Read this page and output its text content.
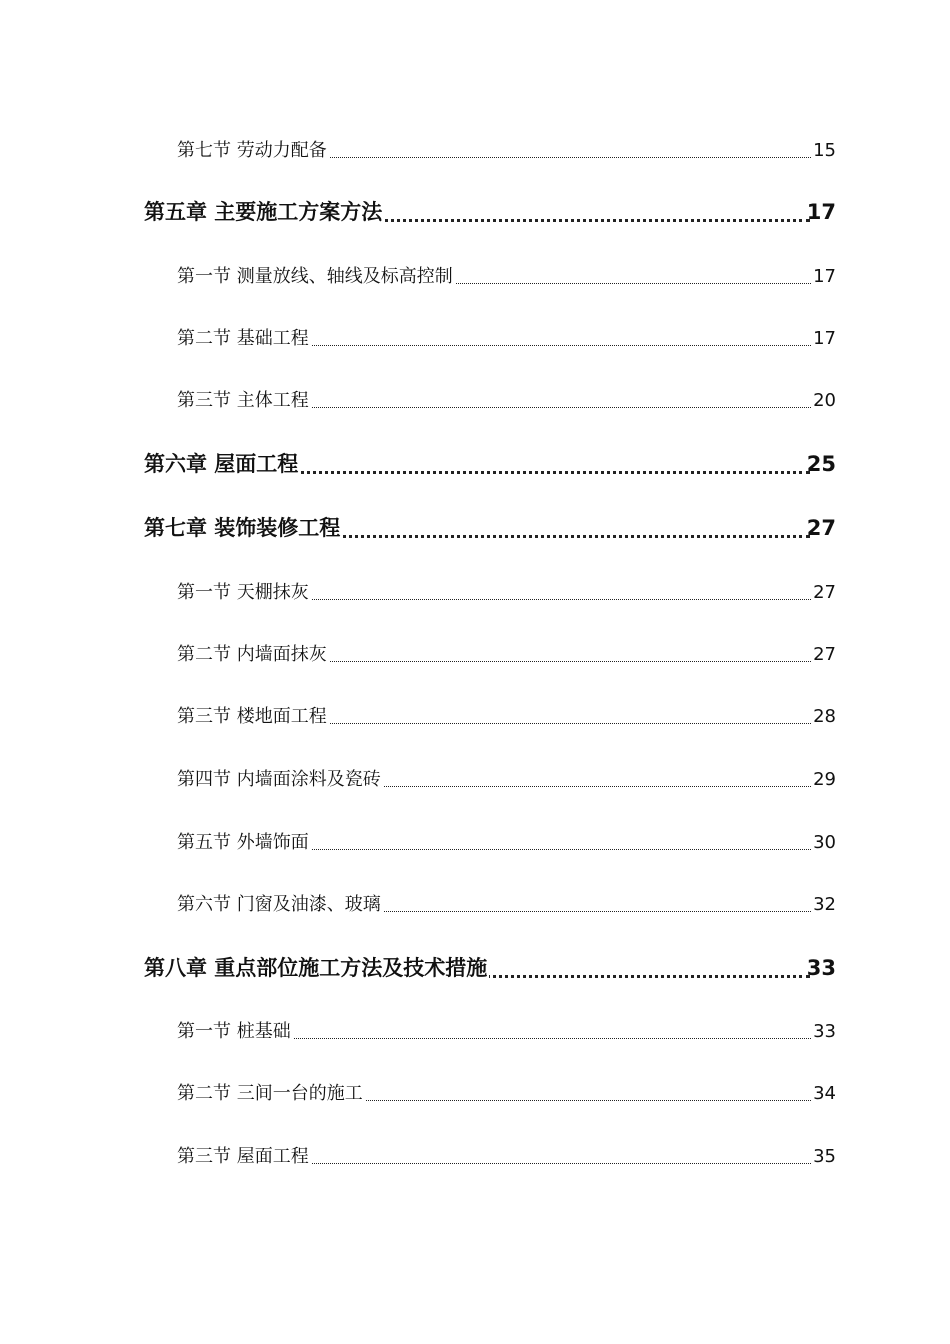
第七节 劳动力配备	15
第五章 主要施工方案方法	17
第一节 测量放线、轴线及标高控制	17
第二节 基础工程	17
第三节 主体工程	20
第六章 屋面工程	25
第七章 装饰装修工程	27
第一节 天棚抹灰	27
第二节 内墙面抹灰	27
第三节 楼地面工程	28
第四节 内墙面涂料及瓷砖	29
第五节 外墙饰面	30
第六节 门窗及油漆、玻璃	32
第八章 重点部位施工方法及技术措施	33
第一节 桩基础	33
第二节 三间一台的施工	34
第三节 屋面工程	35
